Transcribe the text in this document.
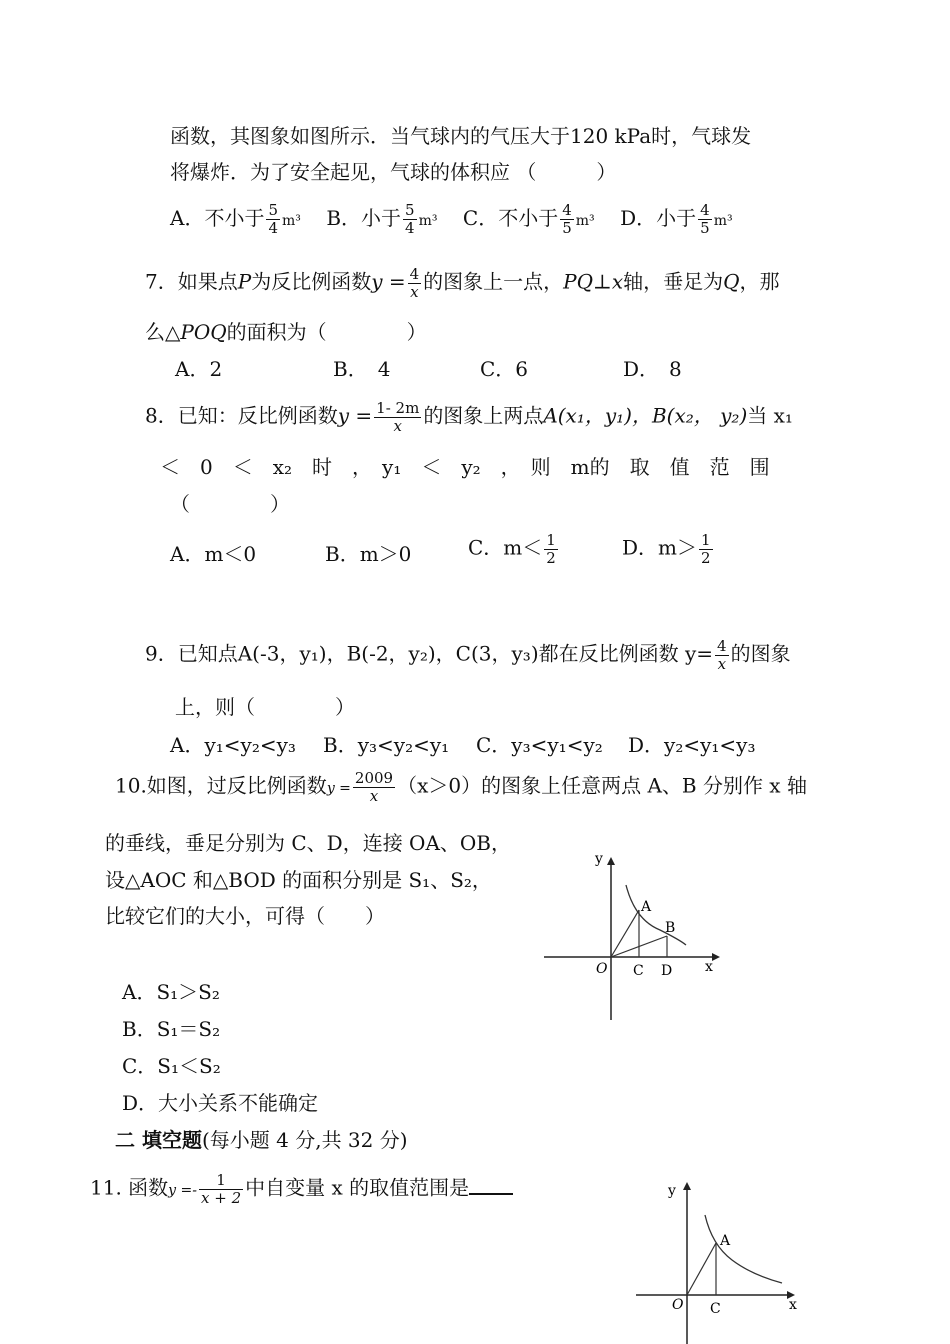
函数，其图象如图所示．当气球内的气压大于120 kPa时，气球发
将爆炸．为了安全起见，气球的体积应 （　　　）
A．不小于 $\frac{5}{4} m^3$ B．小于 $\frac{5}{4} m^3$ C．不小于 $\frac{4}{5} m^3$ D．小于 $\frac{4}{5} m^3$
7．如果点P为反比例函数$y = \frac{4}{x}$ 的图象上一点，PQ⊥x轴，垂足为Q，那
么△POQ的面积为（　　　　）
A．2	B．　4	C．6	D．　8
8．已知：反比例函数$y = \frac{1- 2m}{x}$ 的图象上两点A(x₁，y₁)，B(x₂， y₂)当 x₁
＜　0　＜　x₂　时　，　y₁　＜　y₂　，　则　m的　取　值　范　围
（　　　　）
A．m＜0	B．m＞0	C．$m< \frac{1}{2}$	D．$m> \frac{1}{2}$
9．已知点A(-3，y₁)，B(-2，y₂)，C(3，y₃)都在反比例函数 $y= \frac{4}{x}$ 的图象
上，则（　　　　）
A．y₁<y₂<y₃ B．y₃<y₂<y₁ C．y₃<y₁<y₂ D．y₂<y₁<y₃
10.如图，过反比例函数$y = \frac{2009}{x} (x>0)$的图象上任意两点 A、B 分别作 x 轴
的垂线，垂足分别为 C、D，连接 OA、OB，
设△AOC 和△BOD 的面积分别是 S₁、S₂，
比较它们的大小，可得（　　）
A．S₁＞S₂
B．S₁＝S₂
C．S₁＜S₂
D．大小关系不能确定
y
x
O
A
B
C D
二 填空题(每小题 4 分,共 32 分)
11. 函数$y =- \frac{1}{x + 2}$ 中自变量 x 的取值范围是	y
x
O
A
C
